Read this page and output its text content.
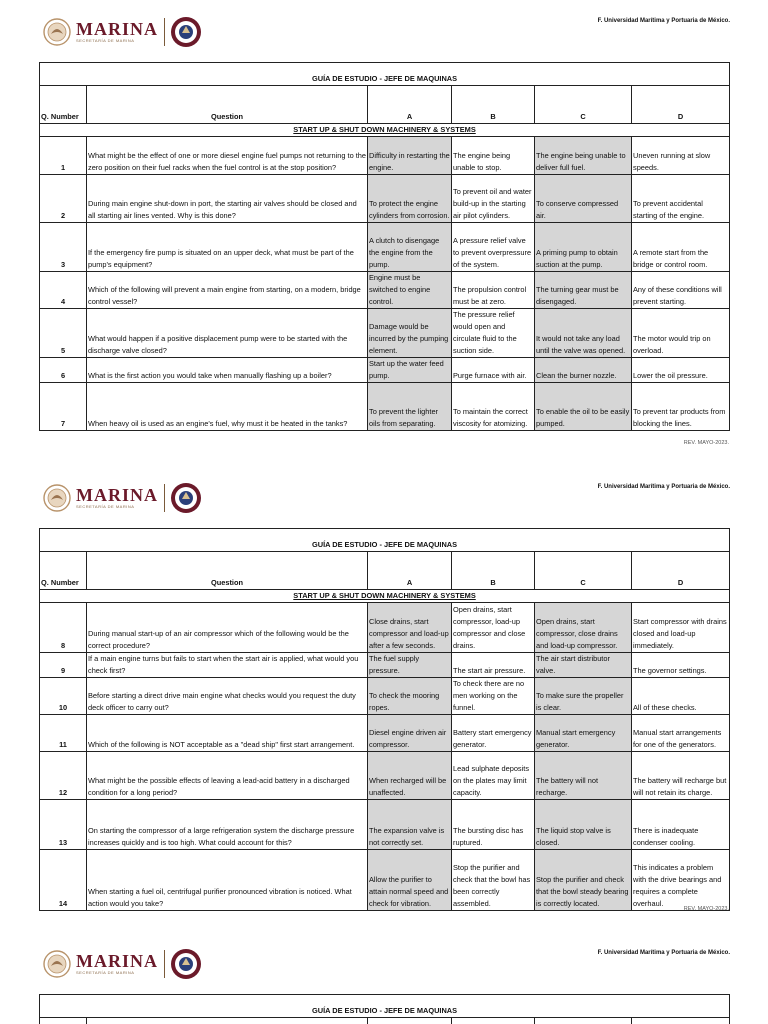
MARINA
SECRETARÍA DE MARINA
F. Universidad Marítima y Portuaria de México.
GUÍA DE ESTUDIO - JEFE DE MAQUINAS					
Q. Number	Question	A	B	C	D
START UP & SHUT DOWN MACHINERY & SYSTEMS					
1	What might be the effect of one or more diesel engine fuel pumps not returning to the zero position on their fuel racks when the fuel control is at the stop position?	Difficulty in restarting the engine.	The engine being unable to stop.	The engine being unable to deliver full fuel.	Uneven running at slow speeds.
2	During main engine shut-down in port, the starting air valves should be closed and all starting air lines vented. Why is this done?	To protect the engine cylinders from corrosion.	To prevent oil and water build-up in the starting air pilot cylinders.	To conserve compressed air.	To prevent accidental starting of the engine.
3	If the emergency fire pump is situated on an upper deck, what must be part of the pump's equipment?	A clutch to disengage the engine from the pump.	A pressure relief valve to prevent overpressure of the system.	A priming pump to obtain suction at the pump.	A remote start from the bridge or control room.
4	Which of the following will prevent a main engine from starting, on a modern, bridge control vessel?	Engine must be switched to engine control.	The propulsion control must be at zero.	The turning gear must be disengaged.	Any of these conditions will prevent starting.
5	What would happen if a positive displacement pump were to be started with the discharge valve closed?	Damage would be incurred by the pumping element.	The pressure relief would open and circulate fluid to the suction side.	It would not take any load until the valve was opened.	The motor would trip on overload.
6	What is the first action you would take when manually flashing up a boiler?	Start up the water feed pump.	Purge furnace with air.	Clean the burner nozzle.	Lower the oil pressure.
7	When heavy oil is used as an engine's fuel, why must it be heated in the tanks?	To prevent the lighter oils from separating.	To maintain the correct viscosity for atomizing.	To enable the oil to be easily pumped.	To prevent tar products from blocking the lines.
REV. MAYO-2023.
MARINA
SECRETARÍA DE MARINA
F. Universidad Marítima y Portuaria de México.
GUÍA DE ESTUDIO - JEFE DE MAQUINAS					
Q. Number	Question	A	B	C	D
START UP & SHUT DOWN MACHINERY & SYSTEMS					
8	During manual start-up of an air compressor which of the following would be the correct procedure?	Close drains, start compressor and load-up after a few seconds.	Open drains, start compressor, load-up compressor and close drains.	Open drains, start compressor, close drains and load-up compressor.	Start compressor with drains closed and load-up immediately.
9	If a main engine turns but fails to start when the start air is applied, what would you check first?	The fuel supply pressure.	The start air pressure.	The air start distributor valve.	The governor settings.
10	Before starting a direct drive main engine what checks would you request the duty deck officer to carry out?	To check the mooring ropes.	To check there are no men working on the funnel.	To make sure the propeller is clear.	All of these checks.
11	Which of the following is NOT acceptable as a "dead ship" first start arrangement.	Diesel engine driven air compressor.	Battery start emergency generator.	Manual start emergency generator.	Manual start arrangements for one of the generators.
12	What might be the possible effects of leaving a lead-acid battery in a discharged condition for a long period?	When recharged will be unaffected.	Lead sulphate deposits on the plates may limit capacity.	The battery will not recharge.	The battery will recharge but will not retain its charge.
13	On starting the compressor of a large refrigeration system the discharge pressure increases quickly and is too high. What could account for this?	The expansion valve is not correctly set.	The bursting disc has ruptured.	The liquid stop valve is closed.	There is inadequate condenser cooling.
14	When starting a fuel oil, centrifugal purifier pronounced vibration is noticed. What action would you take?	Allow the purifier to attain normal speed and check for vibration.	Stop the purifier and check that the bowl has been correctly assembled.	Stop the purifier and check that the bowl steady bearing is correctly located.	This indicates a problem with the drive bearings and requires a complete overhaul.
REV. MAYO-2023.
MARINA
SECRETARÍA DE MARINA
F. Universidad Marítima y Portuaria de México.
GUÍA DE ESTUDIO - JEFE DE MAQUINAS
